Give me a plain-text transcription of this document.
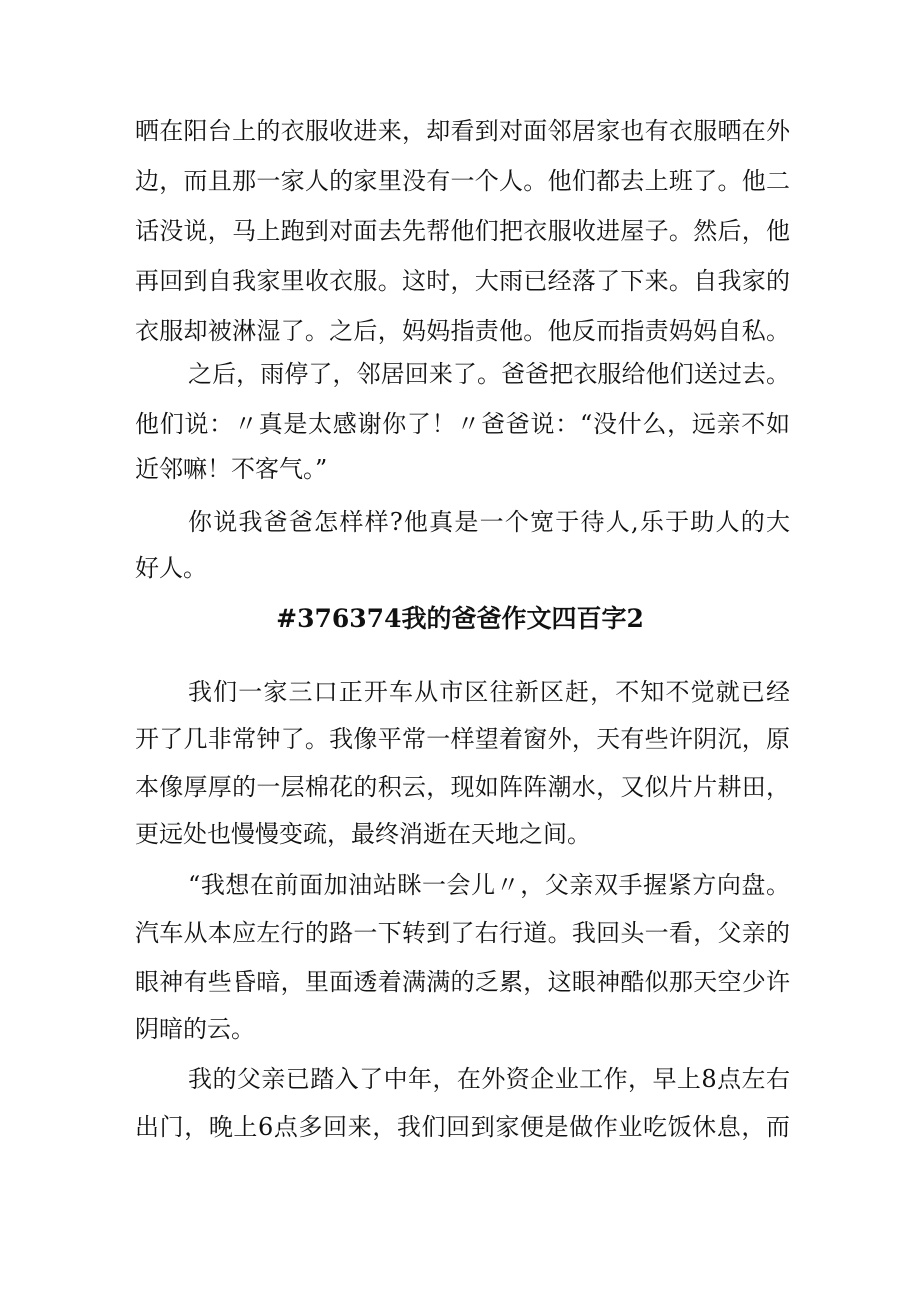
晒在阳台上的衣服收进来，却看到对面邻居家也有衣服晒在外
边，而且那一家人的家里没有一个人。他们都去上班了。他二
话没说，马上跑到对面去先帮他们把衣服收进屋子。然后，他
再回到自我家里收衣服。这时，大雨已经落了下来。自我家的
衣服却被淋湿了。之后，妈妈指责他。他反而指责妈妈自私。
之后，雨停了，邻居回来了。爸爸把衣服给他们送过去。
他们说：〃真是太感谢你了！〃爸爸说：“没什么，远亲不如
近邻嘛！不客气。”
你说我爸爸怎样样?他真是一个宽于待人,乐于助人的大
好人。
#376374我的爸爸作文四百字2
我们一家三口正开车从市区往新区赶，不知不觉就已经
开了几非常钟了。我像平常一样望着窗外，天有些许阴沉，原
本像厚厚的一层棉花的积云，现如阵阵潮水，又似片片耕田，
更远处也慢慢变疏，最终消逝在天地之间。
“我想在前面加油站眯一会儿〃，父亲双手握紧方向盘。
汽车从本应左行的路一下转到了右行道。我回头一看，父亲的
眼神有些昏暗，里面透着满满的乏累，这眼神酷似那天空少许
阴暗的云。
我的父亲已踏入了中年，在外资企业工作，早上8点左右
出门，晚上6点多回来，我们回到家便是做作业吃饭休息，而
